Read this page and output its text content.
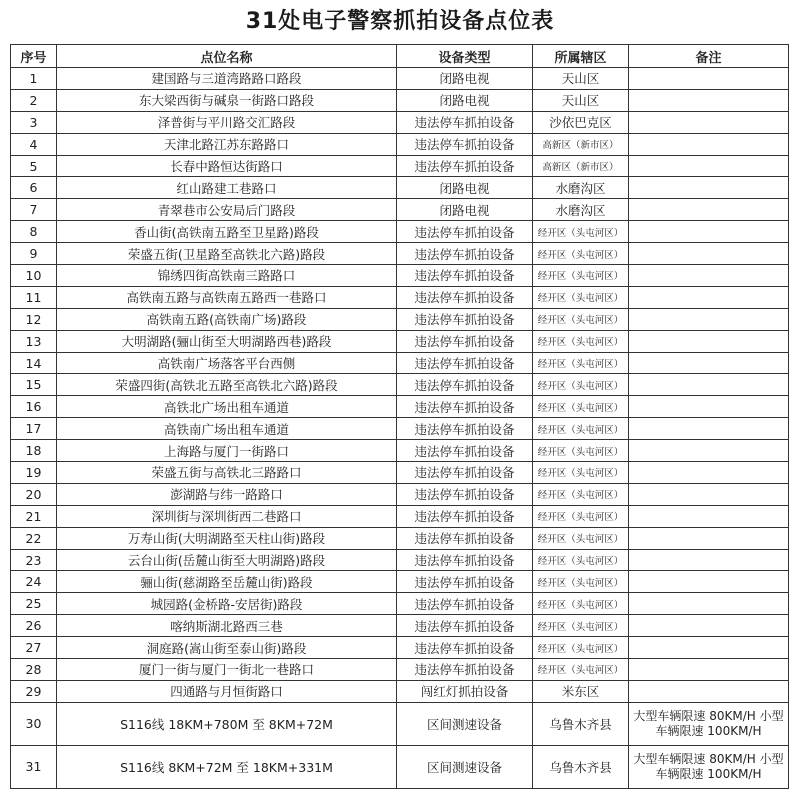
31处电子警察抓拍设备点位表
序号	点位名称	设备类型	所属辖区	备注
1	建国路与三道湾路路口路段	闭路电视	天山区	
2	东大梁西街与碱泉一街路口路段	闭路电视	天山区	
3	泽普街与平川路交汇路段	违法停车抓拍设备	沙依巴克区	
4	天津北路江苏东路路口	违法停车抓拍设备	高新区（新市区）	
5	长春中路恒达街路口	违法停车抓拍设备	高新区（新市区）	
6	红山路建工巷路口	闭路电视	水磨沟区	
7	青翠巷市公安局后门路段	闭路电视	水磨沟区	
8	香山街(高铁南五路至卫星路)路段	违法停车抓拍设备	经开区（头屯河区）	
9	荣盛五街(卫星路至高铁北六路)路段	违法停车抓拍设备	经开区（头屯河区）	
10	锦绣四街高铁南三路路口	违法停车抓拍设备	经开区（头屯河区）	
11	高铁南五路与高铁南五路西一巷路口	违法停车抓拍设备	经开区（头屯河区）	
12	高铁南五路(高铁南广场)路段	违法停车抓拍设备	经开区（头屯河区）	
13	大明湖路(骊山街至大明湖路西巷)路段	违法停车抓拍设备	经开区（头屯河区）	
14	高铁南广场落客平台西侧	违法停车抓拍设备	经开区（头屯河区）	
15	荣盛四街(高铁北五路至高铁北六路)路段	违法停车抓拍设备	经开区（头屯河区）	
16	高铁北广场出租车通道	违法停车抓拍设备	经开区（头屯河区）	
17	高铁南广场出租车通道	违法停车抓拍设备	经开区（头屯河区）	
18	上海路与厦门一街路口	违法停车抓拍设备	经开区（头屯河区）	
19	荣盛五街与高铁北三路路口	违法停车抓拍设备	经开区（头屯河区）	
20	澎湖路与纬一路路口	违法停车抓拍设备	经开区（头屯河区）	
21	深圳街与深圳街西二巷路口	违法停车抓拍设备	经开区（头屯河区）	
22	万寿山街(大明湖路至天柱山街)路段	违法停车抓拍设备	经开区（头屯河区）	
23	云台山街(岳麓山街至大明湖路)路段	违法停车抓拍设备	经开区（头屯河区）	
24	骊山街(慈湖路至岳麓山街)路段	违法停车抓拍设备	经开区（头屯河区）	
25	城园路(金桥路-安居街)路段	违法停车抓拍设备	经开区（头屯河区）	
26	喀纳斯湖北路西三巷	违法停车抓拍设备	经开区（头屯河区）	
27	洞庭路(嵩山街至泰山街)路段	违法停车抓拍设备	经开区（头屯河区）	
28	厦门一街与厦门一街北一巷路口	违法停车抓拍设备	经开区（头屯河区）	
29	四通路与月恒街路口	闯红灯抓拍设备	米东区	
30	S116线 18KM+780M 至 8KM+72M	区间测速设备	乌鲁木齐县	大型车辆限速 80KM/H 小型车辆限速 100KM/H
31	S116线 8KM+72M 至 18KM+331M	区间测速设备	乌鲁木齐县	大型车辆限速 80KM/H 小型车辆限速 100KM/H
